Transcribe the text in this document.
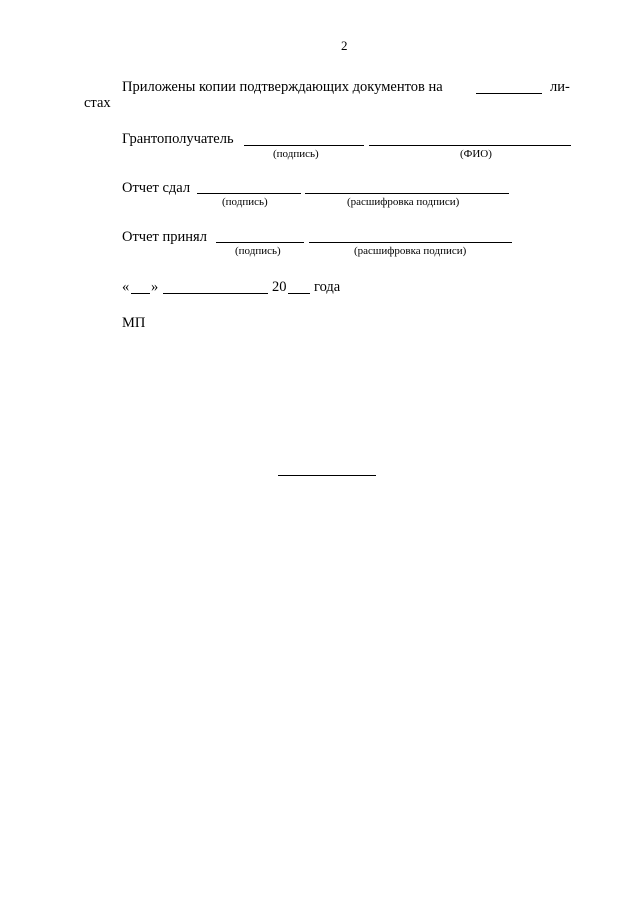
2
Приложены копии подтверждающих документов на	ли-
стах
Грантополучатель
(подпись)	(ФИО)
Отчет сдал
(подпись)	(расшифровка подписи)
Отчет принял
(подпись)	(расшифровка подписи)
« »	20 года
МП
